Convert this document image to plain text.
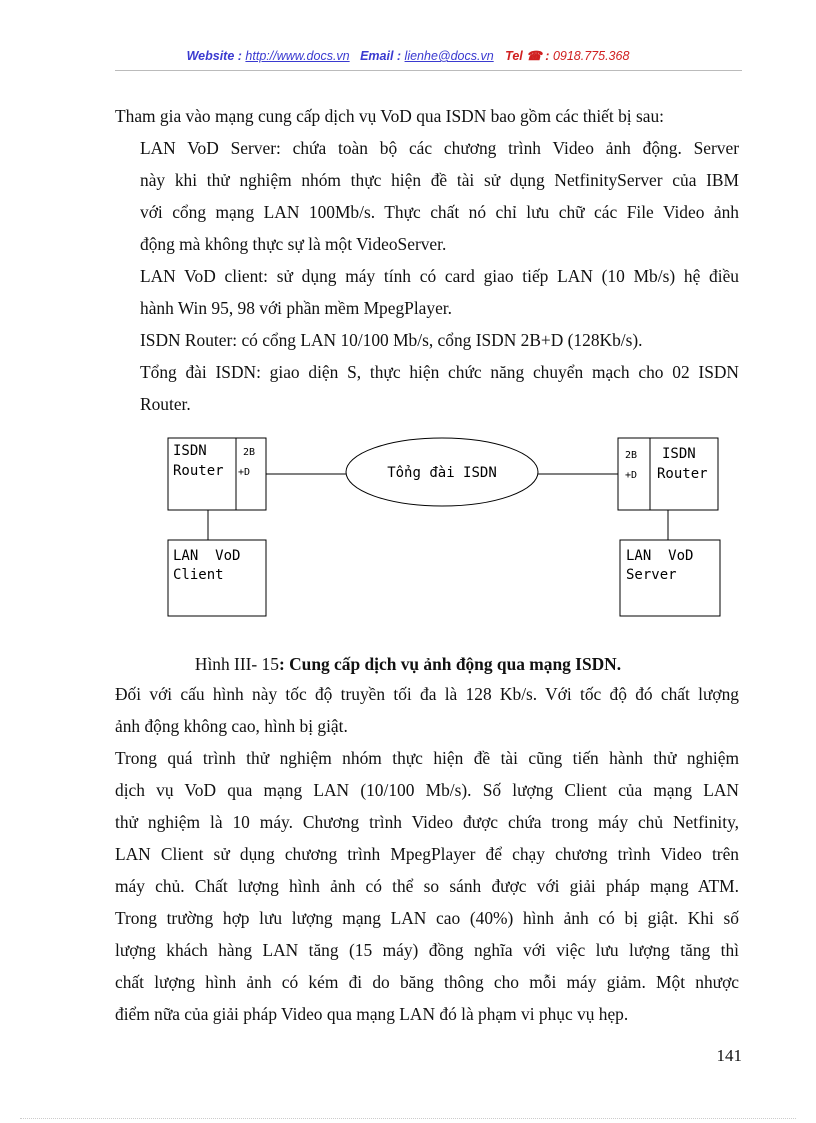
Website : http://www.docs.vn Email : lienhe@docs.vn Tel ☎ : 0918.775.368
Tham gia vào mạng cung cấp dịch vụ VoD qua ISDN bao gồm các thiết bị sau:
LAN VoD Server: chứa toàn bộ các chương trình Video ảnh động. Server
này khi thử nghiệm nhóm thực hiện đề tài sử dụng NetfinityServer của IBM
với cổng mạng LAN 100Mb/s. Thực chất nó chỉ lưu chữ các File Video ảnh
động mà không thực sự là một VideoServer.
LAN VoD client: sử dụng máy tính có card giao tiếp LAN (10 Mb/s) hệ điều
hành Win 95, 98 với phần mềm MpegPlayer.
ISDN Router: có cổng LAN 10/100 Mb/s, cổng ISDN 2B+D (128Kb/s).
Tổng đài ISDN: giao diện S, thực hiện chức năng chuyển mạch cho 02 ISDN
Router.
ISDN
Router
2B
+D	Tổng đài ISDN
2B
+D
ISDN
Router
LAN  VoD
Client
LAN  VoD
Server
Hình III- 15: Cung cấp dịch vụ ảnh động qua mạng ISDN.
Đối với cấu hình này tốc độ truyền tối đa là 128 Kb/s. Với tốc độ đó chất lượng
ảnh động không cao, hình bị giật.
Trong quá trình thử nghiệm nhóm thực hiện đề tài cũng tiến hành thử nghiệm
dịch vụ VoD qua mạng LAN (10/100 Mb/s). Số lượng Client của mạng LAN
thử nghiệm là 10 máy. Chương trình Video được chứa trong máy chủ Netfinity,
LAN Client sử dụng chương trình MpegPlayer để chạy chương trình Video trên
máy chủ. Chất lượng hình ảnh có thể so sánh được với giải pháp mạng ATM.
Trong trường hợp lưu lượng mạng LAN cao (40%) hình ảnh có bị giật. Khi số
lượng khách hàng LAN tăng (15 máy) đồng nghĩa với việc lưu lượng tăng thì
chất lượng hình ảnh có kém đi do băng thông cho mỗi máy giảm. Một nhược
điểm nữa của giải pháp Video qua mạng LAN đó là phạm vi phục vụ hẹp.
141
